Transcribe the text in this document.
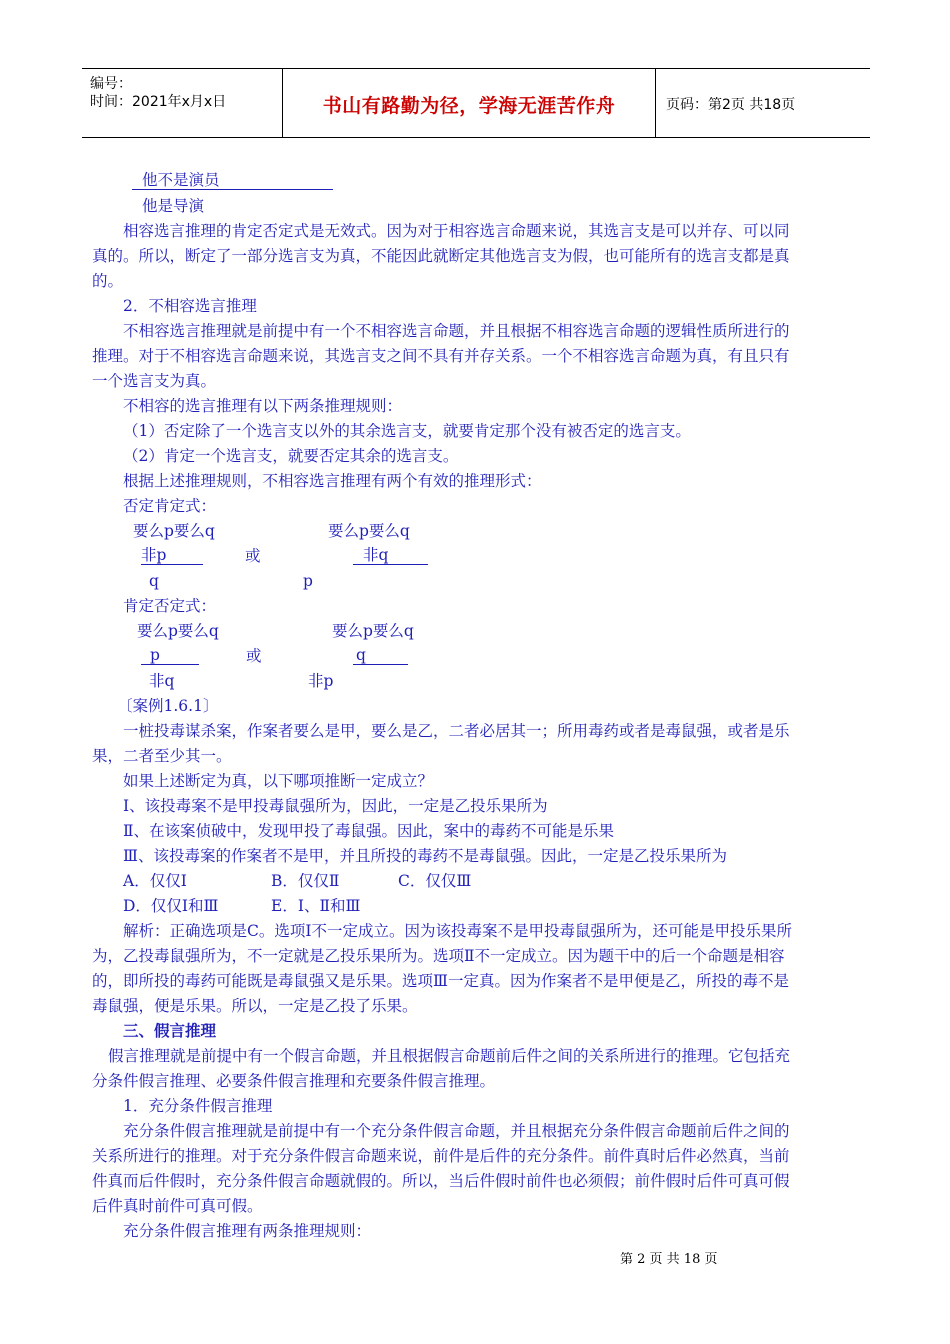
编号：
时间：2021年x月x日	书山有路勤为径，学海无涯苦作舟	页码：第2页 共18页
他不是演员
他是导演
相容选言推理的肯定否定式是无效式。因为对于相容选言命题来说，其选言支是可以并存、可以同
真的。所以，断定了一部分选言支为真，不能因此就断定其他选言支为假，也可能所有的选言支都是真
的。
2．不相容选言推理
不相容选言推理就是前提中有一个不相容选言命题，并且根据不相容选言命题的逻辑性质所进行的
推理。对于不相容选言命题来说，其选言支之间不具有并存关系。一个不相容选言命题为真，有且只有
一个选言支为真。
不相容的选言推理有以下两条推理规则：
（1）否定除了一个选言支以外的其余选言支，就要肯定那个没有被否定的选言支。
（2）肯定一个选言支，就要否定其余的选言支。
根据上述推理规则，不相容选言推理有两个有效的推理形式：
否定肯定式：
要么p要么q	要么p要么q
非p	或	非q
q	p
肯定否定式：
要么p要么q	要么p要么q
p	或	q
非q	非p
〔案例1.6.1〕
一桩投毒谋杀案，作案者要么是甲，要么是乙，二者必居其一；所用毒药或者是毒鼠强，或者是乐
果，二者至少其一。
如果上述断定为真，以下哪项推断一定成立？
Ⅰ、该投毒案不是甲投毒鼠强所为，因此，一定是乙投乐果所为
Ⅱ、在该案侦破中，发现甲投了毒鼠强。因此，案中的毒药不可能是乐果
Ⅲ、该投毒案的作案者不是甲，并且所投的毒药不是毒鼠强。因此，一定是乙投乐果所为
A．仅仅Ⅰ	B．仅仅Ⅱ	C．仅仅Ⅲ
D．仅仅Ⅰ和Ⅲ	E．Ⅰ、Ⅱ和Ⅲ
解析：正确选项是C。选项Ⅰ不一定成立。因为该投毒案不是甲投毒鼠强所为，还可能是甲投乐果所
为，乙投毒鼠强所为，不一定就是乙投乐果所为。选项Ⅱ不一定成立。因为题干中的后一个命题是相容
的，即所投的毒药可能既是毒鼠强又是乐果。选项Ⅲ一定真。因为作案者不是甲便是乙，所投的毒不是
毒鼠强，便是乐果。所以，一定是乙投了乐果。
三、假言推理
假言推理就是前提中有一个假言命题，并且根据假言命题前后件之间的关系所进行的推理。它包括充
分条件假言推理、必要条件假言推理和充要条件假言推理。
1．充分条件假言推理
充分条件假言推理就是前提中有一个充分条件假言命题，并且根据充分条件假言命题前后件之间的
关系所进行的推理。对于充分条件假言命题来说，前件是后件的充分条件。前件真时后件必然真，当前
件真而后件假时，充分条件假言命题就假的。所以，当后件假时前件也必须假；前件假时后件可真可假
后件真时前件可真可假。
充分条件假言推理有两条推理规则：
第 2 页 共 18 页
